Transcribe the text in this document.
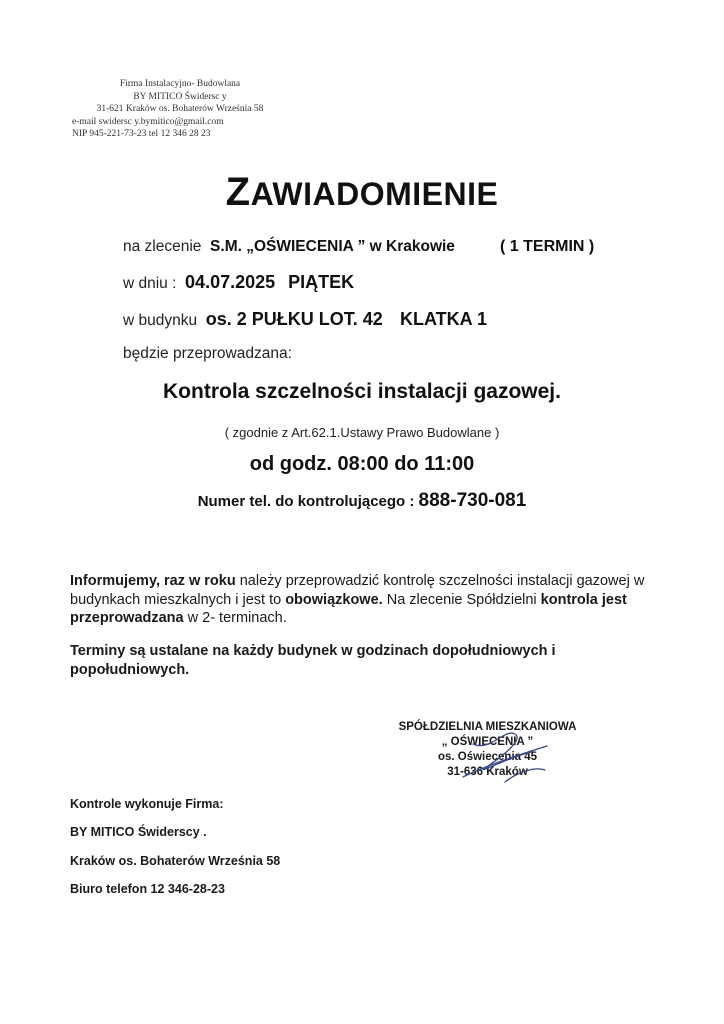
Firma Instalacyjno- Budowlana
BY MITICO Świdersc y
31-621 Kraków os. Bohaterów Września 58
e-mail swidersc y.bymitico@gmail.com
NIP 945-221-73-23 tel 12 346 28 23
ZAWIADOMIENIE
na zlecenie S.M. „OŚWIECENIA ” w Krakowie	( 1 TERMIN )
w dniu : 04.07.2025 PIĄTEK
w budynku os. 2 PUŁKU LOT. 42 KLATKA 1
będzie przeprowadzana:
Kontrola szczelności instalacji gazowej.
( zgodnie z Art.62.1.Ustawy Prawo Budowlane )
od godz. 08:00 do 11:00
Numer tel. do kontrolującego : 888-730-081
Informujemy, raz w roku należy przeprowadzić kontrolę szczelności instalacji gazowej w budynkach mieszkalnych i jest to obowiązkowe. Na zlecenie Spółdzielni kontrola jest przeprowadzana w 2- terminach.
Terminy są ustalane na każdy budynek w godzinach dopołudniowych i popołudniowych.
SPÓŁDZIELNIA MIESZKANIOWA
„ OŚWIECENIA ”
os. Oświecenia 45
31-636 Kraków
Kontrole wykonuje Firma:
BY MITICO Świderscy .
Kraków os. Bohaterów Września 58
Biuro telefon 12 346-28-23
